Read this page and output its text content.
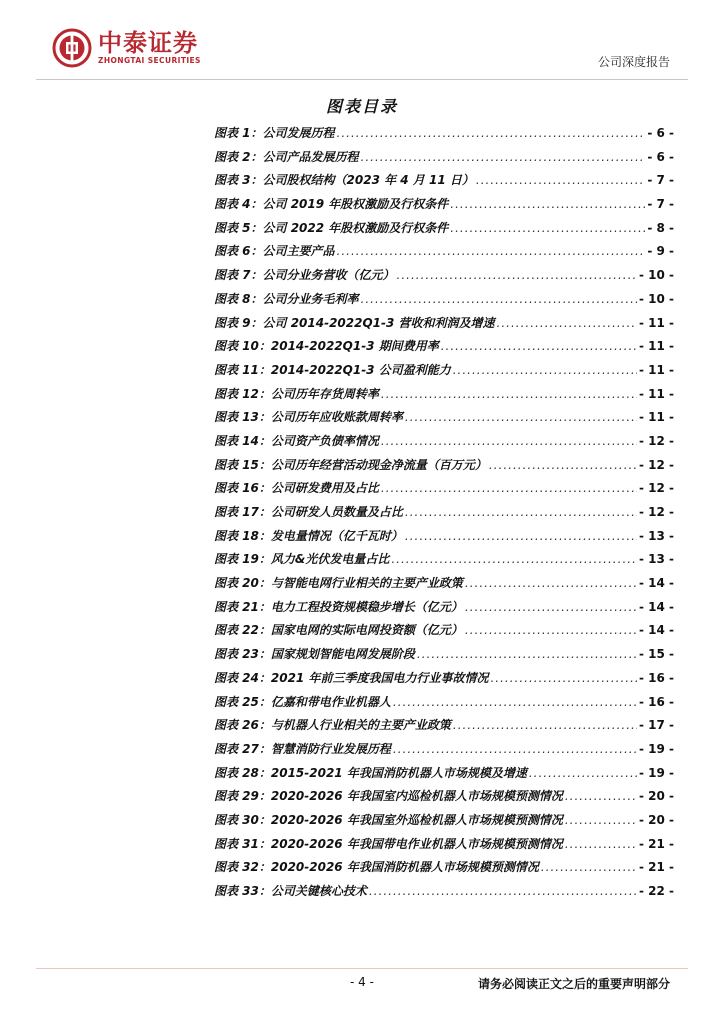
中泰证券
ZHONGTAI SECURITIES	公司深度报告
图表目录
图表 1：公司发展历程 .....	- 6 -
图表 2：公司产品发展历程 .....	- 6 -
图表 3：公司股权结构（2023 年 4 月 11 日） .....	- 7 -
图表 4：公司 2019 年股权激励及行权条件 .....	- 7 -
图表 5：公司 2022 年股权激励及行权条件 .....	- 8 -
图表 6：公司主要产品 .....	- 9 -
图表 7：公司分业务营收（亿元） .....	- 10 -
图表 8：公司分业务毛利率 .....	- 10 -
图表 9：公司 2014-2022Q1-3 营收和利润及增速 .....	- 11 -
图表 10：2014-2022Q1-3 期间费用率 .....	- 11 -
图表 11：2014-2022Q1-3 公司盈利能力 .....	- 11 -
图表 12：公司历年存货周转率 .....	- 11 -
图表 13：公司历年应收账款周转率 .....	- 11 -
图表 14：公司资产负债率情况 .....	- 12 -
图表 15：公司历年经营活动现金净流量（百万元） .....	- 12 -
图表 16：公司研发费用及占比 .....	- 12 -
图表 17：公司研发人员数量及占比 .....	- 12 -
图表 18：发电量情况（亿千瓦时） .....	- 13 -
图表 19：风力&光伏发电量占比 .....	- 13 -
图表 20：与智能电网行业相关的主要产业政策 .....	- 14 -
图表 21：电力工程投资规模稳步增长（亿元） .....	- 14 -
图表 22：国家电网的实际电网投资额（亿元） .....	- 14 -
图表 23：国家规划智能电网发展阶段 .....	- 15 -
图表 24：2021 年前三季度我国电力行业事故情况 .....	- 16 -
图表 25：亿嘉和带电作业机器人 .....	- 16 -
图表 26：与机器人行业相关的主要产业政策 .....	- 17 -
图表 27：智慧消防行业发展历程 .....	- 19 -
图表 28：2015-2021 年我国消防机器人市场规模及增速 .....	- 19 -
图表 29：2020-2026 年我国室内巡检机器人市场规模预测情况 .....	- 20 -
图表 30：2020-2026 年我国室外巡检机器人市场规模预测情况 .....	- 20 -
图表 31：2020-2026 年我国带电作业机器人市场规模预测情况 .....	- 21 -
图表 32：2020-2026 年我国消防机器人市场规模预测情况 .....	- 21 -
图表 33：公司关键核心技术 .....	- 22 -
- 4 -	请务必阅读正文之后的重要声明部分
